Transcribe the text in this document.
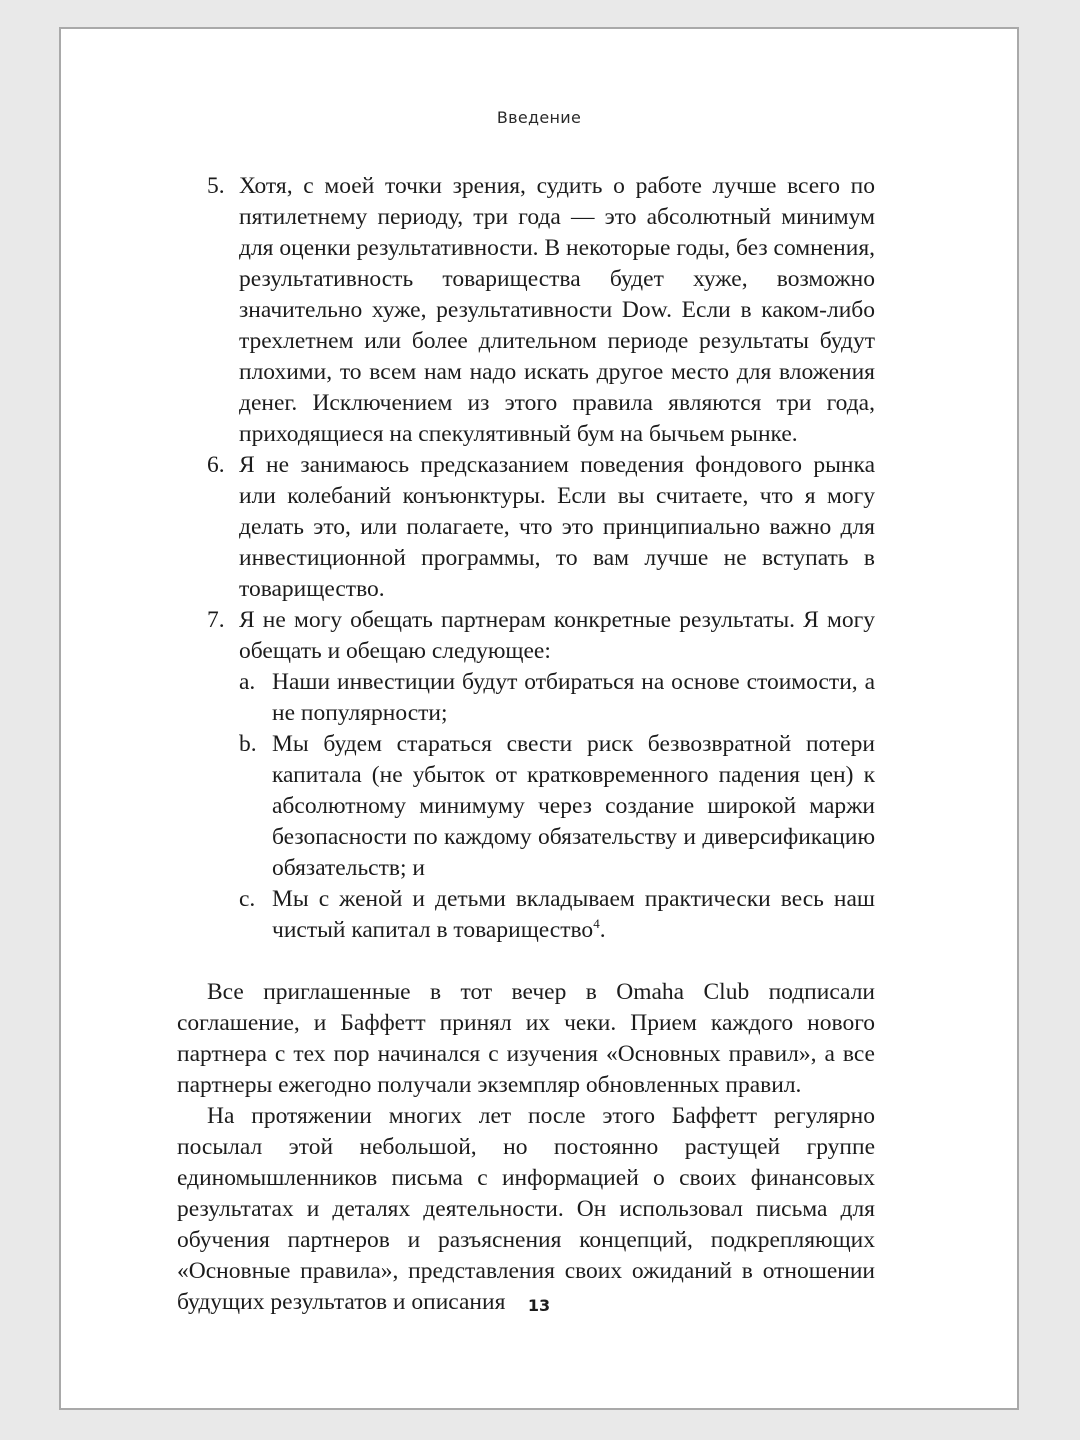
Введение
5. Хотя, с моей точки зрения, судить о работе лучше всего по пятилетнему периоду, три года — это абсолютный минимум для оценки результативности. В некоторые годы, без сомнения, результативность товарищества будет хуже, возможно значительно хуже, результативности Dow. Если в каком-либо трехлетнем или более длительном периоде результаты будут плохими, то всем нам надо искать другое место для вложения денег. Исключением из этого правила являются три года, приходящиеся на спекулятивный бум на бычьем рынке.
6. Я не занимаюсь предсказанием поведения фондового рынка или колебаний конъюнктуры. Если вы считаете, что я могу делать это, или полагаете, что это принципиально важно для инвестиционной программы, то вам лучше не вступать в товарищество.
7. Я не могу обещать партнерам конкретные результаты. Я могу обещать и обещаю следующее:
a. Наши инвестиции будут отбираться на основе стоимости, а не популярности;
b. Мы будем стараться свести риск безвозвратной потери капитала (не убыток от кратковременного падения цен) к абсолютному минимуму через создание широкой маржи безопасности по каждому обязательству и диверсификацию обязательств; и
c. Мы с женой и детьми вкладываем практически весь наш чистый капитал в товарищество$^4$.

Все приглашенные в тот вечер в Omaha Club подписали соглашение, и Баффетт принял их чеки. Прием каждого нового партнера с тех пор начинался с изучения «Основных правил», а все партнеры ежегодно получали экземпляр обновленных правил.

На протяжении многих лет после этого Баффетт регулярно посылал этой небольшой, но постоянно растущей группе единомышленников письма с информацией о своих финансовых результатах и деталях деятельности. Он использовал письма для обучения партнеров и разъяснения концепций, подкрепляющих «Основные правила», представления своих ожиданий в отношении будущих результатов и описания	13
